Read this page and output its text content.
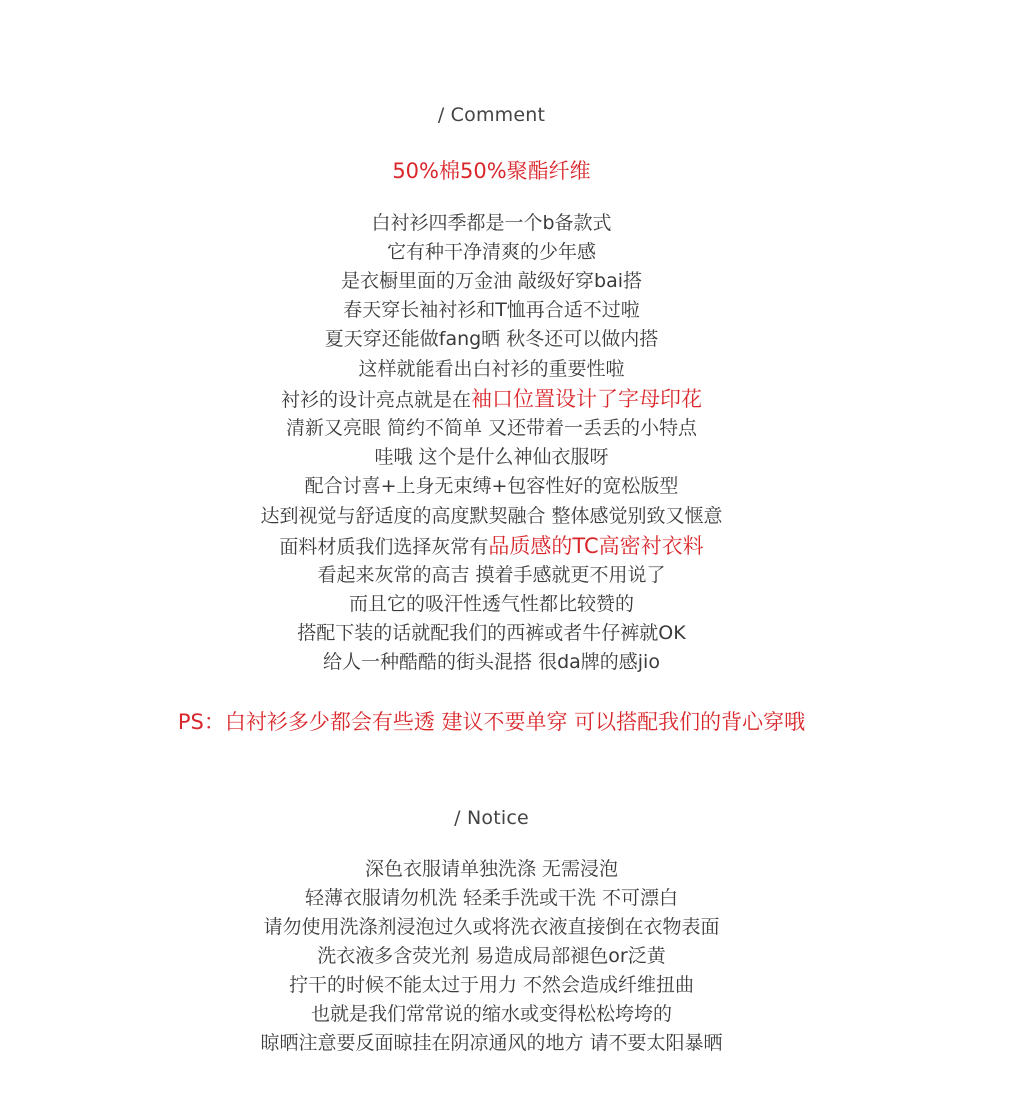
/ Comment
50%棉50%聚酯纤维
白衬衫四季都是一个b备款式
它有种干净清爽的少年感
是衣橱里面的万金油 敲级好穿bai搭
春天穿长袖衬衫和T恤再合适不过啦
夏天穿还能做fang晒 秋冬还可以做内搭
这样就能看出白衬衫的重要性啦
衬衫的设计亮点就是在袖口位置设计了字母印花
清新又亮眼 简约不简单 又还带着一丢丢的小特点
哇哦 这个是什么神仙衣服呀
配合讨喜+上身无束缚+包容性好的宽松版型
达到视觉与舒适度的高度默契融合 整体感觉别致又惬意
面料材质我们选择灰常有品质感的TC高密衬衣料
看起来灰常的高吉 摸着手感就更不用说了
而且它的吸汗性透气性都比较赞的
搭配下装的话就配我们的西裤或者牛仔裤就OK
给人一种酷酷的街头混搭 很da牌的感jio
PS：白衬衫多少都会有些透 建议不要单穿 可以搭配我们的背心穿哦
/ Notice
深色衣服请单独洗涤 无需浸泡
轻薄衣服请勿机洗 轻柔手洗或干洗 不可漂白
请勿使用洗涤剂浸泡过久或将洗衣液直接倒在衣物表面
洗衣液多含荧光剂 易造成局部褪色or泛黄
拧干的时候不能太过于用力 不然会造成纤维扭曲
也就是我们常常说的缩水或变得松松垮垮的
晾晒注意要反面晾挂在阴凉通风的地方 请不要太阳暴晒
